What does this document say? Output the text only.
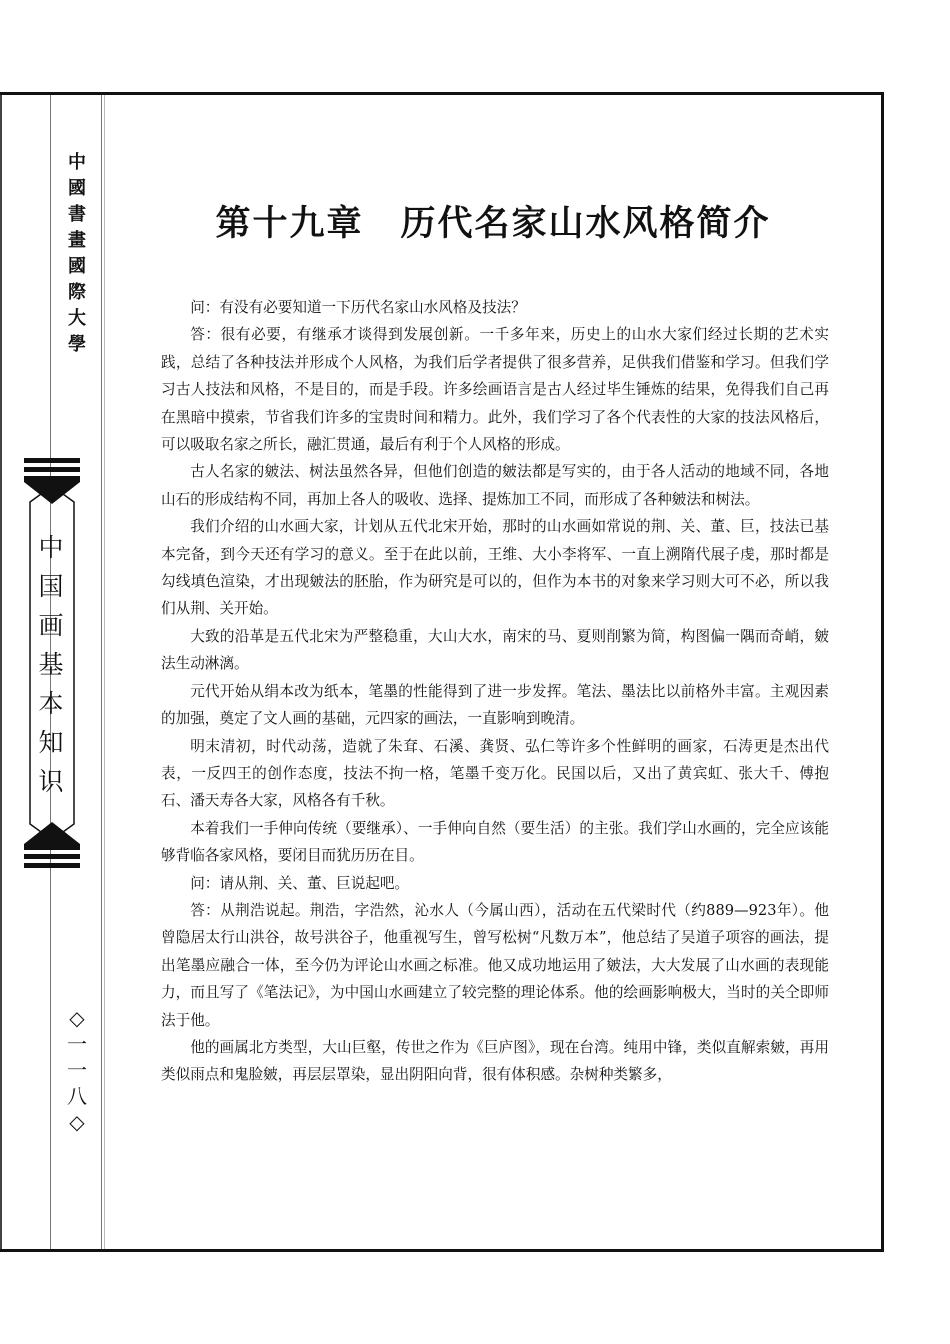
中
國
書
畫
國
際
大
學
中
国
画
基
本
知
识
◇
一
一
八
◇
第十九章　历代名家山水风格简介

问：有没有必要知道一下历代名家山水风格及技法？

答：很有必要，有继承才谈得到发展创新。一千多年来，历史上的山水大家们经过长期的艺术实践，总结了各种技法并形成个人风格，为我们后学者提供了很多营养，足供我们借鉴和学习。但我们学习古人技法和风格，不是目的，而是手段。许多绘画语言是古人经过毕生锤炼的结果，免得我们自己再在黑暗中摸索，节省我们许多的宝贵时间和精力。此外，我们学习了各个代表性的大家的技法风格后，可以吸取名家之所长，融汇贯通，最后有利于个人风格的形成。

古人名家的皴法、树法虽然各异，但他们创造的皴法都是写实的，由于各人活动的地域不同，各地山石的形成结构不同，再加上各人的吸收、选择、提炼加工不同，而形成了各种皴法和树法。

我们介绍的山水画大家，计划从五代北宋开始，那时的山水画如常说的荆、关、董、巨，技法已基本完备，到今天还有学习的意义。至于在此以前，王维、大小李将军、一直上溯隋代展子虔，那时都是勾线填色渲染，才出现皴法的胚胎，作为研究是可以的，但作为本书的对象来学习则大可不必，所以我们从荆、关开始。

大致的沿革是五代北宋为严整稳重，大山大水，南宋的马、夏则削繁为简，构图偏一隅而奇峭，皴法生动淋漓。

元代开始从绢本改为纸本，笔墨的性能得到了进一步发挥。笔法、墨法比以前格外丰富。主观因素的加强，奠定了文人画的基础，元四家的画法，一直影响到晚清。

明末清初，时代动荡，造就了朱耷、石溪、龚贤、弘仁等许多个性鲜明的画家，石涛更是杰出代表，一反四王的创作态度，技法不拘一格，笔墨千变万化。民国以后，又出了黄宾虹、张大千、傅抱石、潘天寿各大家，风格各有千秋。

本着我们一手伸向传统（要继承）、一手伸向自然（要生活）的主张。我们学山水画的，完全应该能够背临各家风格，要闭目而犹历历在目。

问：请从荆、关、董、巨说起吧。

答：从荆浩说起。荆浩，字浩然，沁水人（今属山西），活动在五代梁时代（约889—923年）。他曾隐居太行山洪谷，故号洪谷子，他重视写生，曾写松树“凡数万本”，他总结了吴道子项容的画法，提出笔墨应融合一体，至今仍为评论山水画之标准。他又成功地运用了皴法，大大发展了山水画的表现能力，而且写了《笔法记》，为中国山水画建立了较完整的理论体系。他的绘画影响极大，当时的关仝即师法于他。

他的画属北方类型，大山巨壑，传世之作为《巨庐图》，现在台湾。纯用中锋，类似直解索皴，再用类似雨点和鬼脸皴，再层层罩染，显出阴阳向背，很有体积感。杂树种类繁多，
